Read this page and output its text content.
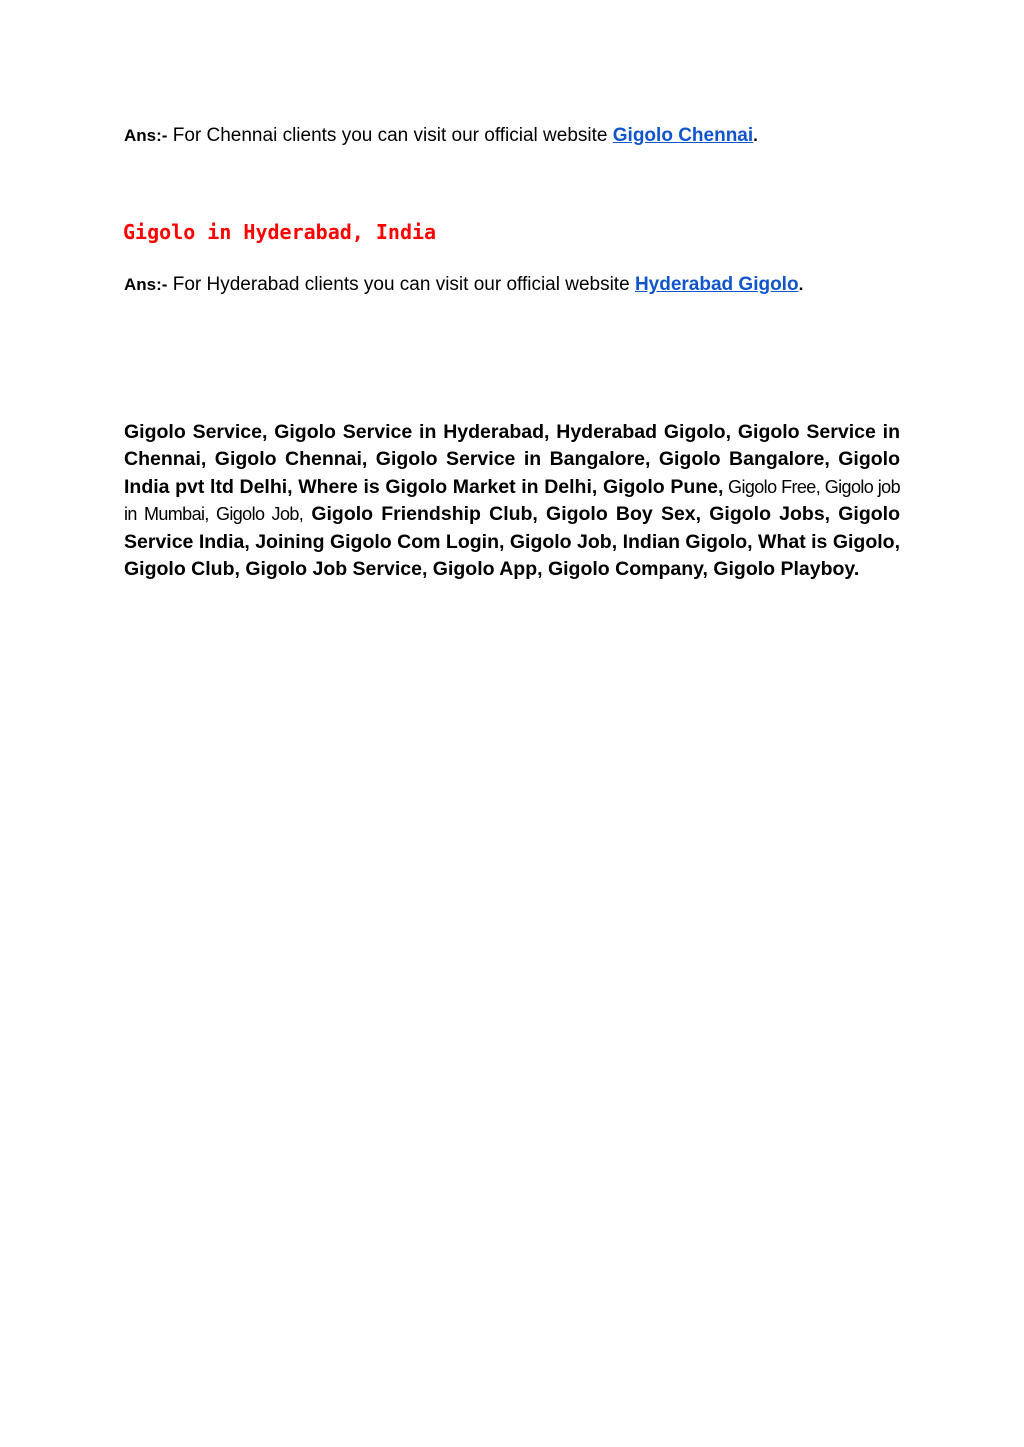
Ans:- For Chennai clients you can visit our official website Gigolo Chennai.

Gigolo in Hyderabad, India

Ans:- For Hyderabad clients you can visit our official website Hyderabad Gigolo.

Gigolo Service, Gigolo Service in Hyderabad, Hyderabad Gigolo, Gigolo Service in Chennai, Gigolo Chennai, Gigolo Service in Bangalore, Gigolo Bangalore, Gigolo India pvt ltd Delhi, Where is Gigolo Market in Delhi, Gigolo Pune, Gigolo Free, Gigolo job in Mumbai, Gigolo Job, Gigolo Friendship Club, Gigolo Boy Sex, Gigolo Jobs, Gigolo Service India, Joining Gigolo Com Login, Gigolo Job, Indian Gigolo, What is Gigolo, Gigolo Club, Gigolo Job Service, Gigolo App, Gigolo Company, Gigolo Playboy.
